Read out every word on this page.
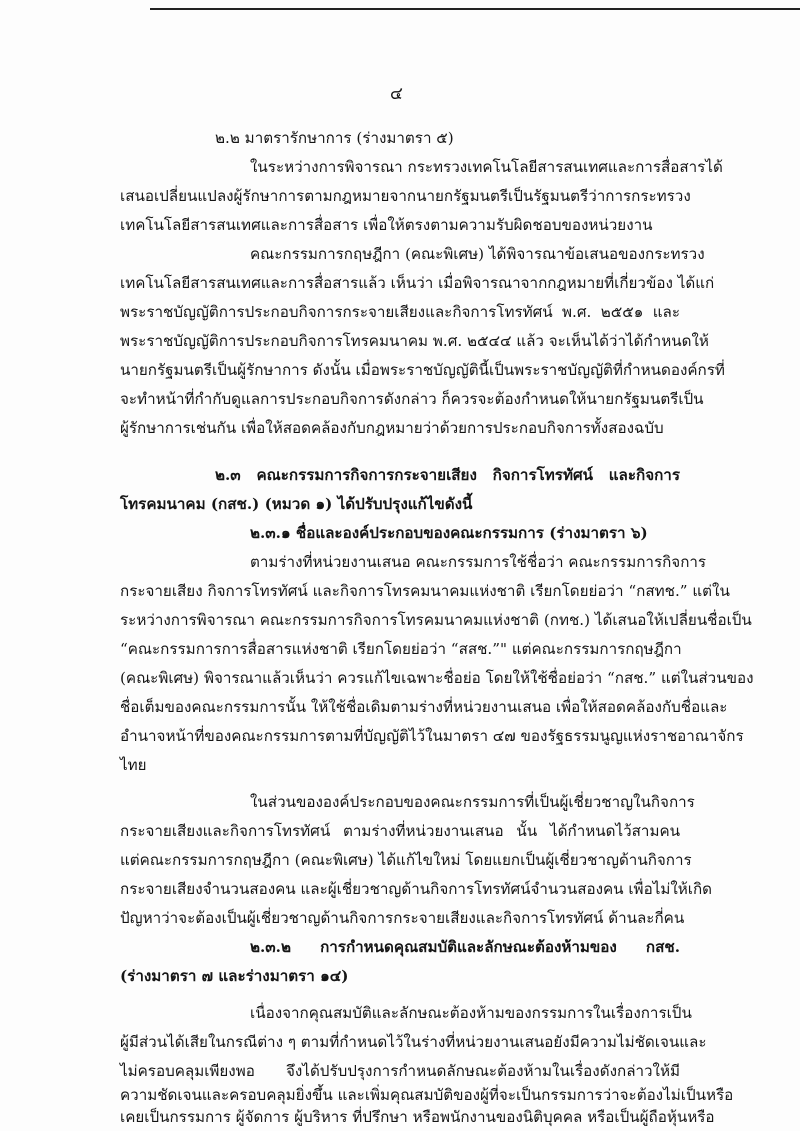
๔
๒.๒ มาตรารักษาการ (ร่างมาตรา ๕)
ในระหว่างการพิจารณา กระทรวงเทคโนโลยีสารสนเทศและการสื่อสารได้
เสนอเปลี่ยนแปลงผู้รักษาการตามกฎหมายจากนายกรัฐมนตรีเป็นรัฐมนตรีว่าการกระทรวง
เทคโนโลยีสารสนเทศและการสื่อสาร เพื่อให้ตรงตามความรับผิดชอบของหน่วยงาน
คณะกรรมการกฤษฎีกา (คณะพิเศษ) ได้พิจารณาข้อเสนอของกระทรวง
เทคโนโลยีสารสนเทศและการสื่อสารแล้ว เห็นว่า เมื่อพิจารณาจากกฎหมายที่เกี่ยวข้อง ได้แก่
พระราชบัญญัติการประกอบกิจการกระจายเสียงและกิจการโทรทัศน์ พ.ศ. ๒๕๕๑ และ
พระราชบัญญัติการประกอบกิจการโทรคมนาคม พ.ศ. ๒๕๔๔ แล้ว จะเห็นได้ว่าได้กำหนดให้
นายกรัฐมนตรีเป็นผู้รักษาการ ดังนั้น เมื่อพระราชบัญญัตินี้เป็นพระราชบัญญัติที่กำหนดองค์กรที่
จะทำหน้าที่กำกับดูแลการประกอบกิจการดังกล่าว ก็ควรจะต้องกำหนดให้นายกรัฐมนตรีเป็น
ผู้รักษาการเช่นกัน เพื่อให้สอดคล้องกับกฎหมายว่าด้วยการประกอบกิจการทั้งสองฉบับ
๒.๓ คณะกรรมการกิจการกระจายเสียง กิจการโทรทัศน์ และกิจการ
โทรคมนาคม (กสช.) (หมวด ๑) ได้ปรับปรุงแก้ไขดังนี้
๒.๓.๑ ชื่อและองค์ประกอบของคณะกรรมการ (ร่างมาตรา ๖)
ตามร่างที่หน่วยงานเสนอ คณะกรรมการใช้ชื่อว่า คณะกรรมการกิจการ
กระจายเสียง กิจการโทรทัศน์ และกิจการโทรคมนาคมแห่งชาติ เรียกโดยย่อว่า “กสทช.” แต่ใน
ระหว่างการพิจารณา คณะกรรมการกิจการโทรคมนาคมแห่งชาติ (กทช.) ได้เสนอให้เปลี่ยนชื่อเป็น
“คณะกรรมการการสื่อสารแห่งชาติ เรียกโดยย่อว่า “สสช.”" แต่คณะกรรมการกฤษฎีกา
(คณะพิเศษ) พิจารณาแล้วเห็นว่า ควรแก้ไขเฉพาะชื่อย่อ โดยให้ใช้ชื่อย่อว่า “กสช.” แต่ในส่วนของ
ชื่อเต็มของคณะกรรมการนั้น ให้ใช้ชื่อเดิมตามร่างที่หน่วยงานเสนอ เพื่อให้สอดคล้องกับชื่อและ
อำนาจหน้าที่ของคณะกรรมการตามที่บัญญัติไว้ในมาตรา ๔๗ ของรัฐธรรมนูญแห่งราชอาณาจักร
ไทย
ในส่วนขององค์ประกอบของคณะกรรมการที่เป็นผู้เชี่ยวชาญในกิจการ
กระจายเสียงและกิจการโทรทัศน์ ตามร่างที่หน่วยงานเสนอ นั้น ได้กำหนดไว้สามคน
แต่คณะกรรมการกฤษฎีกา (คณะพิเศษ) ได้แก้ไขใหม่ โดยแยกเป็นผู้เชี่ยวชาญด้านกิจการ
กระจายเสียงจำนวนสองคน และผู้เชี่ยวชาญด้านกิจการโทรทัศน์จำนวนสองคน เพื่อไม่ให้เกิด
ปัญหาว่าจะต้องเป็นผู้เชี่ยวชาญด้านกิจการกระจายเสียงและกิจการโทรทัศน์ ด้านละกี่คน
๒.๓.๒ การกำหนดคุณสมบัติและลักษณะต้องห้ามของ กสช.
(ร่างมาตรา ๗ และร่างมาตรา ๑๔)
เนื่องจากคุณสมบัติและลักษณะต้องห้ามของกรรมการในเรื่องการเป็น
ผู้มีส่วนได้เสียในกรณีต่าง ๆ ตามที่กำหนดไว้ในร่างที่หน่วยงานเสนอยังมีความไม่ชัดเจนและ
ไม่ครอบคลุมเพียงพอ จึงได้ปรับปรุงการกำหนดลักษณะต้องห้ามในเรื่องดังกล่าวให้มี
ความชัดเจนและครอบคลุมยิ่งขึ้น และเพิ่มคุณสมบัติของผู้ที่จะเป็นกรรมการว่าจะต้องไม่เป็นหรือ
เคยเป็นกรรมการ ผู้จัดการ ผู้บริหาร ที่ปรึกษา หรือพนักงานของนิติบุคคล หรือเป็นผู้ถือหุ้นหรือ
